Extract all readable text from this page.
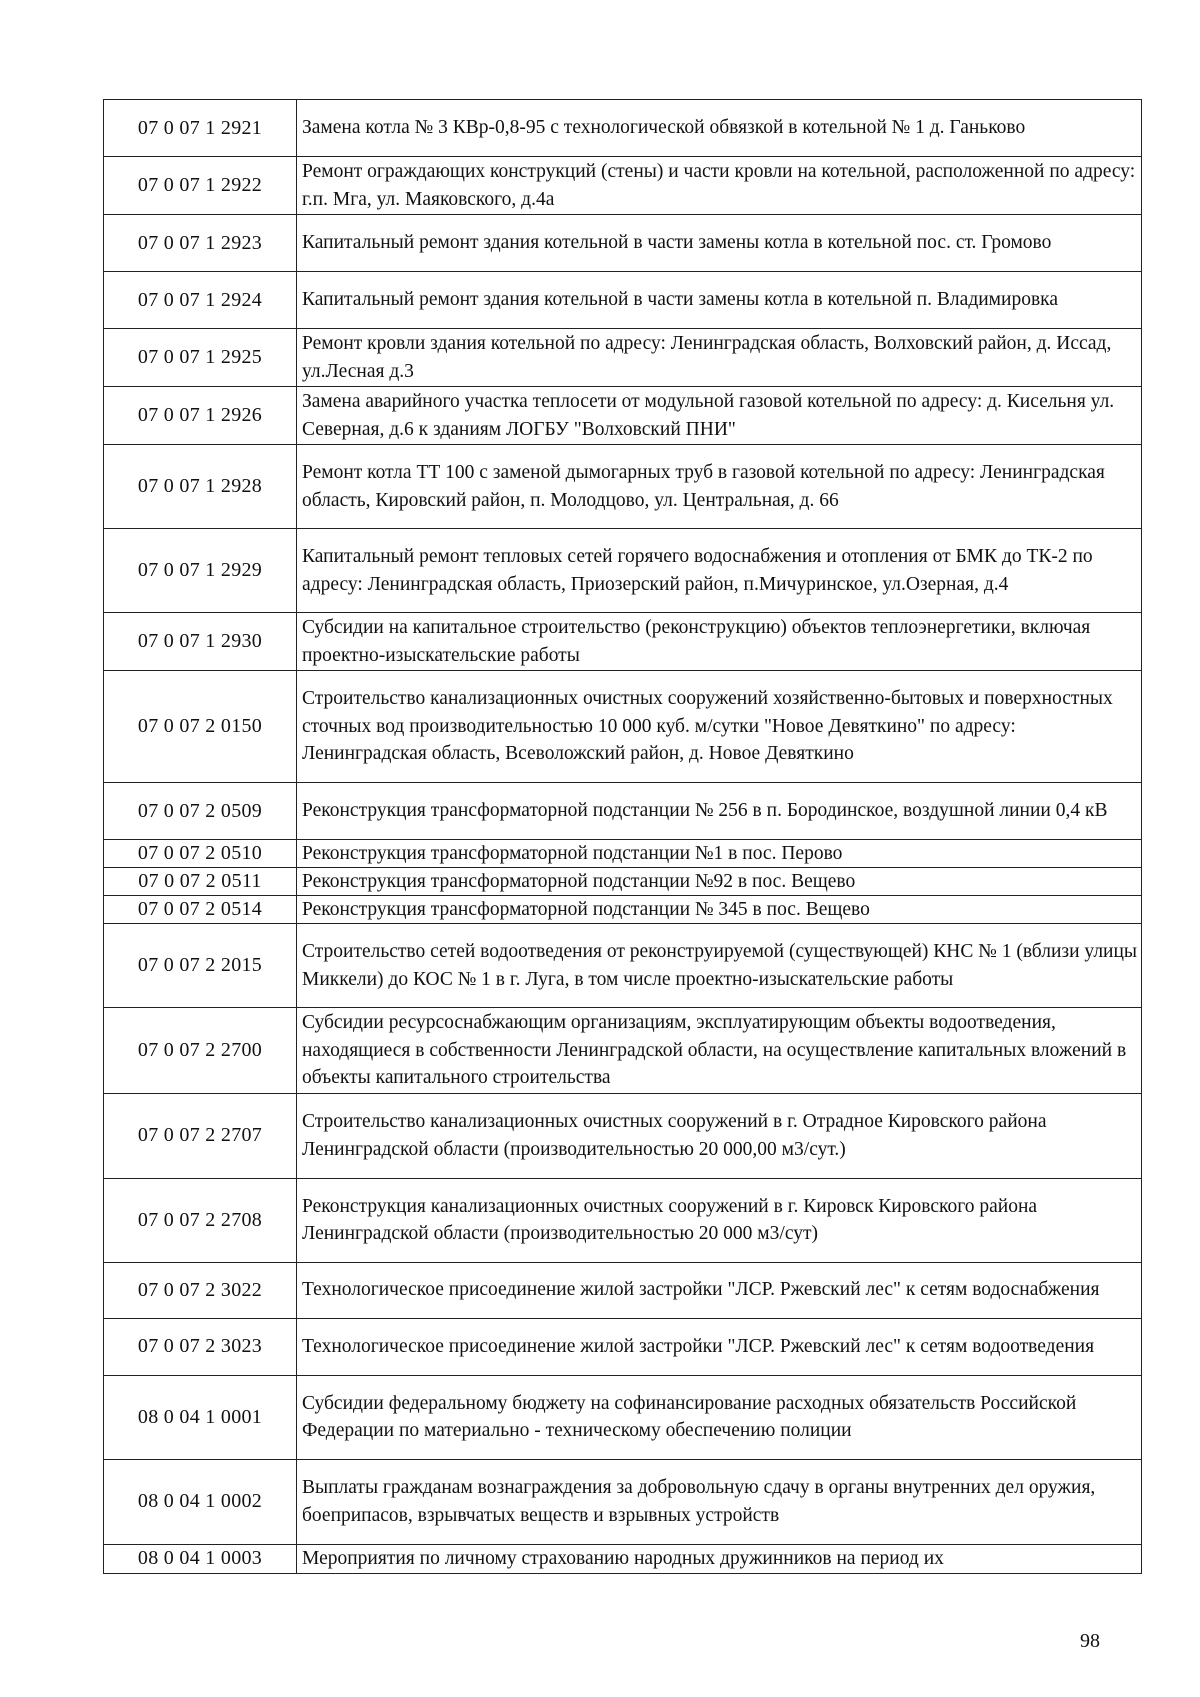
07 0 07 1 2921	Замена котла № 3 КВр-0,8-95 с технологической обвязкой в котельной № 1 д. Ганьково
07 0 07 1 2922	Ремонт ограждающих конструкций (стены) и части кровли на котельной, расположенной по адресу: г.п. Мга, ул. Маяковского, д.4а
07 0 07 1 2923	Капитальный ремонт здания котельной в части замены котла в котельной пос. ст. Громово
07 0 07 1 2924	Капитальный ремонт здания котельной в части замены котла в котельной п. Владимировка
07 0 07 1 2925	Ремонт кровли здания котельной по адресу: Ленинградская область, Волховский район, д. Иссад, ул.Лесная д.3
07 0 07 1 2926	Замена аварийного участка теплосети от модульной газовой котельной по адресу: д. Кисельня ул. Северная, д.6 к зданиям ЛОГБУ "Волховский ПНИ"
07 0 07 1 2928	Ремонт котла ТТ 100 с заменой дымогарных труб в газовой котельной по адресу: Ленинградская область, Кировский район, п. Молодцово, ул. Центральная, д. 66
07 0 07 1 2929	Капитальный ремонт тепловых сетей горячего водоснабжения и отопления от БМК до ТК-2 по адресу: Ленинградская область, Приозерский район, п.Мичуринское, ул.Озерная, д.4
07 0 07 1 2930	Субсидии на капитальное строительство (реконструкцию) объектов теплоэнергетики, включая проектно-изыскательские работы
07 0 07 2 0150	Строительство канализационных очистных сооружений хозяйственно-бытовых и поверхностных сточных вод производительностью 10 000 куб. м/сутки "Новое Девяткино" по адресу: Ленинградская область, Всеволожский район, д. Новое Девяткино
07 0 07 2 0509	Реконструкция трансформаторной подстанции № 256 в п. Бородинское, воздушной линии 0,4 кВ
07 0 07 2 0510	Реконструкция трансформаторной подстанции №1 в пос. Перово
07 0 07 2 0511	Реконструкция трансформаторной подстанции №92 в пос. Вещево
07 0 07 2 0514	Реконструкция трансформаторной подстанции № 345 в пос. Вещево
07 0 07 2 2015	Строительство сетей водоотведения от реконструируемой (существующей) КНС № 1 (вблизи улицы Миккели) до КОС № 1 в г. Луга, в том числе проектно-изыскательские работы
07 0 07 2 2700	Субсидии ресурсоснабжающим организациям, эксплуатирующим объекты водоотведения, находящиеся в собственности Ленинградской области, на осуществление капитальных вложений в объекты капитального строительства
07 0 07 2 2707	Строительство канализационных очистных сооружений в г. Отрадное Кировского района Ленинградской области (производительностью 20 000,00 м3/сут.)
07 0 07 2 2708	Реконструкция канализационных очистных сооружений в г. Кировск Кировского района Ленинградской области (производительностью 20 000 м3/сут)
07 0 07 2 3022	Технологическое присоединение жилой застройки "ЛСР. Ржевский лес" к сетям водоснабжения
07 0 07 2 3023	Технологическое присоединение жилой застройки "ЛСР. Ржевский лес" к сетям водоотведения
08 0 04 1 0001	Субсидии федеральному бюджету на софинансирование расходных обязательств Российской Федерации по материально - техническому обеспечению полиции
08 0 04 1 0002	Выплаты гражданам вознаграждения за добровольную сдачу в органы внутренних дел оружия, боеприпасов, взрывчатых веществ и взрывных устройств
08 0 04 1 0003	Мероприятия по личному страхованию народных дружинников на период их
98
